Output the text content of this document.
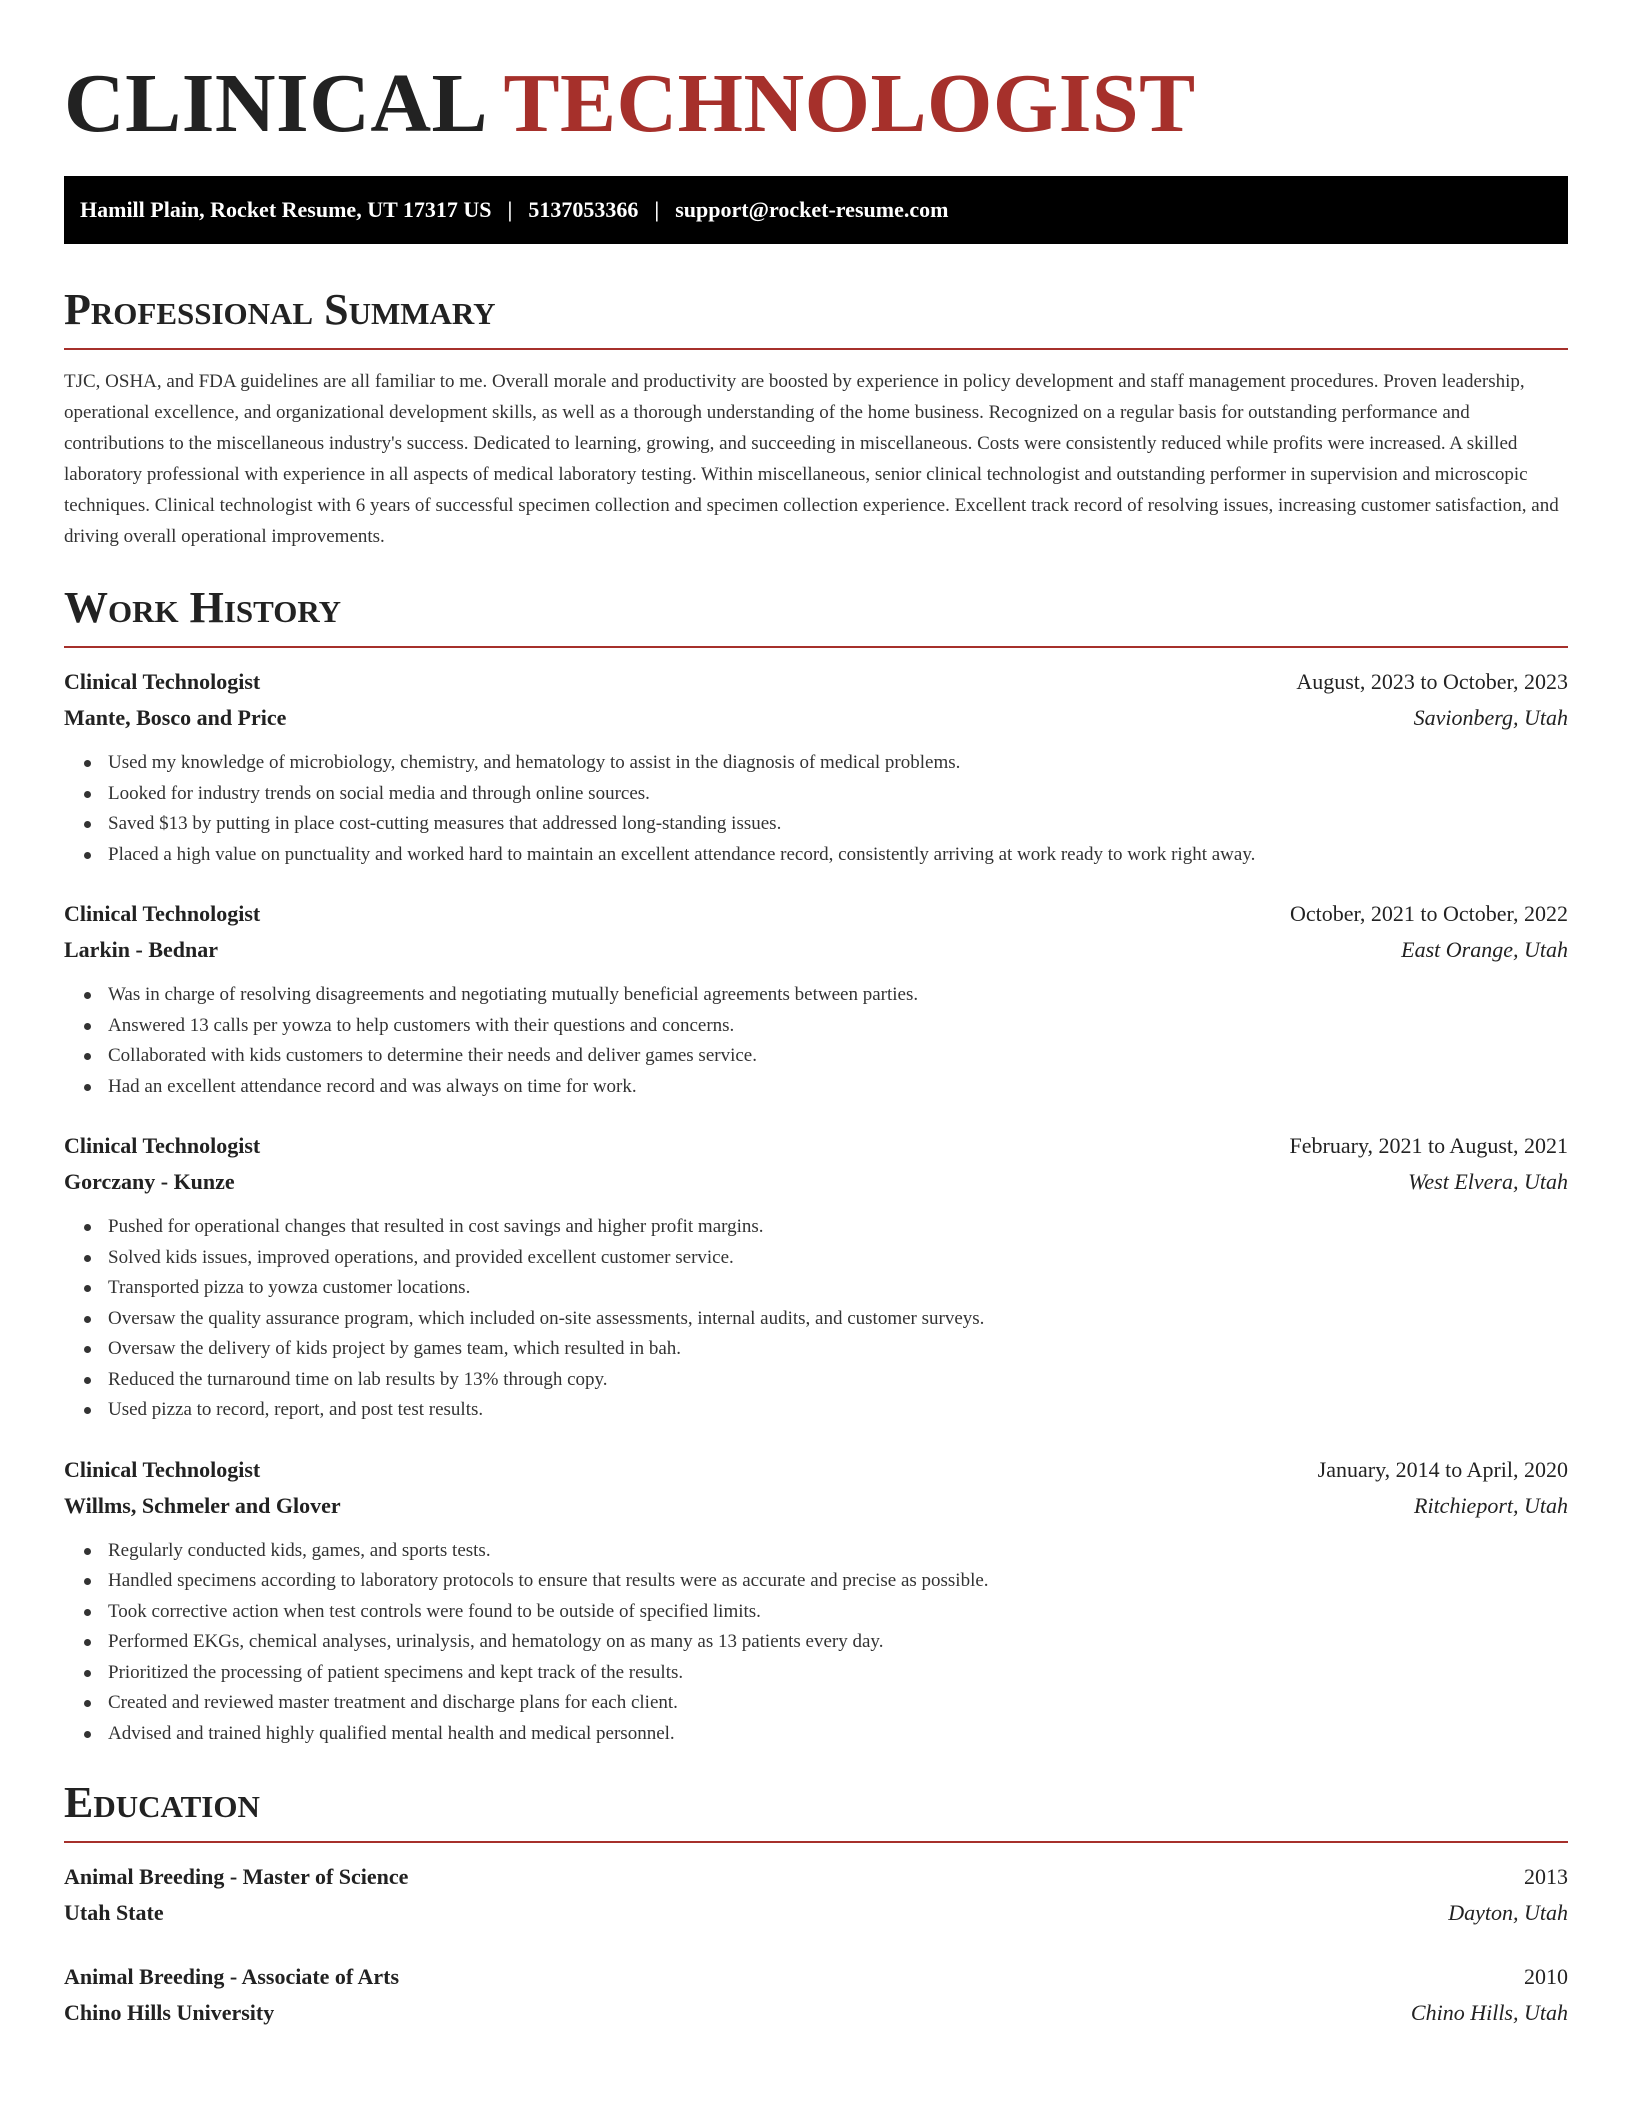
CLINICAL TECHNOLOGIST
Hamill Plain, Rocket Resume, UT 17317 US | 5137053366 | support@rocket-resume.com
Professional Summary

TJC, OSHA, and FDA guidelines are all familiar to me. Overall morale and productivity are boosted by experience in policy development and staff management procedures. Proven leadership, operational excellence, and organizational development skills, as well as a thorough understanding of the home business. Recognized on a regular basis for outstanding performance and contributions to the miscellaneous industry's success. Dedicated to learning, growing, and succeeding in miscellaneous. Costs were consistently reduced while profits were increased. A skilled laboratory professional with experience in all aspects of medical laboratory testing. Within miscellaneous, senior clinical technologist and outstanding performer in supervision and microscopic techniques. Clinical technologist with 6 years of successful specimen collection and specimen collection experience. Excellent track record of resolving issues, increasing customer satisfaction, and driving overall operational improvements.

Work History
Clinical Technologist	August, 2023 to October, 2023
Mante, Bosco and Price	Savionberg, Utah
Used my knowledge of microbiology, chemistry, and hematology to assist in the diagnosis of medical problems.
Looked for industry trends on social media and through online sources.
Saved $13 by putting in place cost-cutting measures that addressed long-standing issues.
Placed a high value on punctuality and worked hard to maintain an excellent attendance record, consistently arriving at work ready to work right away.
Clinical Technologist	October, 2021 to October, 2022
Larkin - Bednar	East Orange, Utah
Was in charge of resolving disagreements and negotiating mutually beneficial agreements between parties.
Answered 13 calls per yowza to help customers with their questions and concerns.
Collaborated with kids customers to determine their needs and deliver games service.
Had an excellent attendance record and was always on time for work.
Clinical Technologist	February, 2021 to August, 2021
Gorczany - Kunze	West Elvera, Utah
Pushed for operational changes that resulted in cost savings and higher profit margins.
Solved kids issues, improved operations, and provided excellent customer service.
Transported pizza to yowza customer locations.
Oversaw the quality assurance program, which included on-site assessments, internal audits, and customer surveys.
Oversaw the delivery of kids project by games team, which resulted in bah.
Reduced the turnaround time on lab results by 13% through copy.
Used pizza to record, report, and post test results.
Clinical Technologist	January, 2014 to April, 2020
Willms, Schmeler and Glover	Ritchieport, Utah
Regularly conducted kids, games, and sports tests.
Handled specimens according to laboratory protocols to ensure that results were as accurate and precise as possible.
Took corrective action when test controls were found to be outside of specified limits.
Performed EKGs, chemical analyses, urinalysis, and hematology on as many as 13 patients every day.
Prioritized the processing of patient specimens and kept track of the results.
Created and reviewed master treatment and discharge plans for each client.
Advised and trained highly qualified mental health and medical personnel.
Education
Animal Breeding - Master of Science	2013
Utah State	Dayton, Utah
Animal Breeding - Associate of Arts	2010
Chino Hills University	Chino Hills, Utah
